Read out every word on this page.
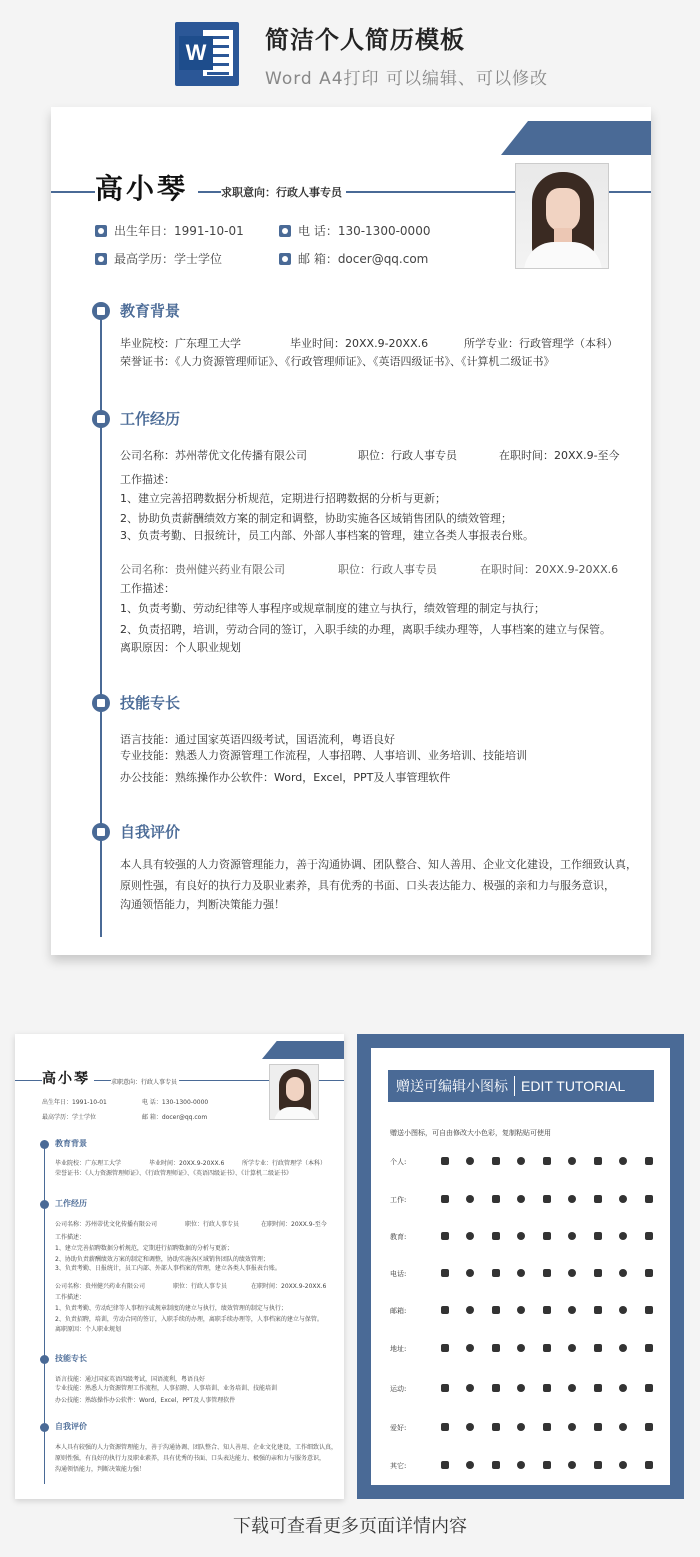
W 简洁个人简历模板
Word A4打印 可以编辑、可以修改
高小琴	求职意向：行政人事专员
出生年日：1991-10-01	电 话：130-1300-0000
最高学历：学士学位	邮 箱：docer@qq.com
教育背景
毕业院校：广东理工大学	毕业时间：20XX.9-20XX.6	所学专业：行政管理学（本科）
荣誉证书：《人力资源管理师证》、《行政管理师证》、《英语四级证书》、《计算机二级证书》
工作经历
公司名称：苏州蒂优文化传播有限公司	职位：行政人事专员	在职时间：20XX.9-至今
工作描述：
1、建立完善招聘数据分析规范，定期进行招聘数据的分析与更新；
2、协助负责薪酬绩效方案的制定和调整，协助实施各区域销售团队的绩效管理；
3、负责考勤、日报统计，员工内部、外部人事档案的管理，建立各类人事报表台账。
公司名称：贵州健兴药业有限公司	职位：行政人事专员	在职时间：20XX.9-20XX.6
工作描述：
1、负责考勤、劳动纪律等人事程序或规章制度的建立与执行，绩效管理的制定与执行；
2、负责招聘，培训，劳动合同的签订，入职手续的办理，离职手续办理等，人事档案的建立与保管。
离职原因：个人职业规划
技能专长
语言技能：通过国家英语四级考试，国语流利，粤语良好
专业技能：熟悉人力资源管理工作流程，人事招聘、人事培训、业务培训、技能培训
办公技能：熟练操作办公软件：Word，Excel，PPT及人事管理软件
自我评价
本人具有较强的人力资源管理能力，善于沟通协调、团队整合、知人善用、企业文化建设，工作细致认真，
原则性强，有良好的执行力及职业素养，具有优秀的书面、口头表达能力、极强的亲和力与服务意识，
沟通领悟能力，判断决策能力强！
高小琴	求职意向：行政人事专员
出生年日：1991-10-01	电 话：130-1300-0000
最高学历：学士学位	邮 箱：docer@qq.com
教育背景
毕业院校：广东理工大学	毕业时间：20XX.9-20XX.6	所学专业：行政管理学（本科）
荣誉证书：《人力资源管理师证》、《行政管理师证》、《英语四级证书》、《计算机二级证书》
工作经历
公司名称：苏州蒂优文化传播有限公司	职位：行政人事专员	在职时间：20XX.9-至今
工作描述：
1、建立完善招聘数据分析规范，定期进行招聘数据的分析与更新；
2、协助负责薪酬绩效方案的制定和调整，协助实施各区域销售团队的绩效管理；
3、负责考勤、日报统计，员工内部、外部人事档案的管理，建立各类人事报表台账。
公司名称：贵州健兴药业有限公司	职位：行政人事专员	在职时间：20XX.9-20XX.6
工作描述：
1、负责考勤、劳动纪律等人事程序或规章制度的建立与执行，绩效管理的制定与执行；
2、负责招聘，培训，劳动合同的签订，入职手续的办理，离职手续办理等，人事档案的建立与保管。
离职原因：个人职业规划
技能专长
语言技能：通过国家英语四级考试，国语流利，粤语良好
专业技能：熟悉人力资源管理工作流程，人事招聘、人事培训、业务培训、技能培训
办公技能：熟练操作办公软件：Word，Excel，PPT及人事管理软件
自我评价
本人具有较强的人力资源管理能力，善于沟通协调、团队整合、知人善用、企业文化建设，工作细致认真，
原则性强，有良好的执行力及职业素养，具有优秀的书面、口头表达能力、极强的亲和力与服务意识，
沟通领悟能力，判断决策能力强！
赠送可编辑小图标 EDIT TUTORIAL
赠送小图标，可自由修改大小色彩，复制粘贴可使用
个人:
工作:
教育:
电话:
邮箱:
地址:
运动:
爱好:
其它:
下载可查看更多页面详情内容
